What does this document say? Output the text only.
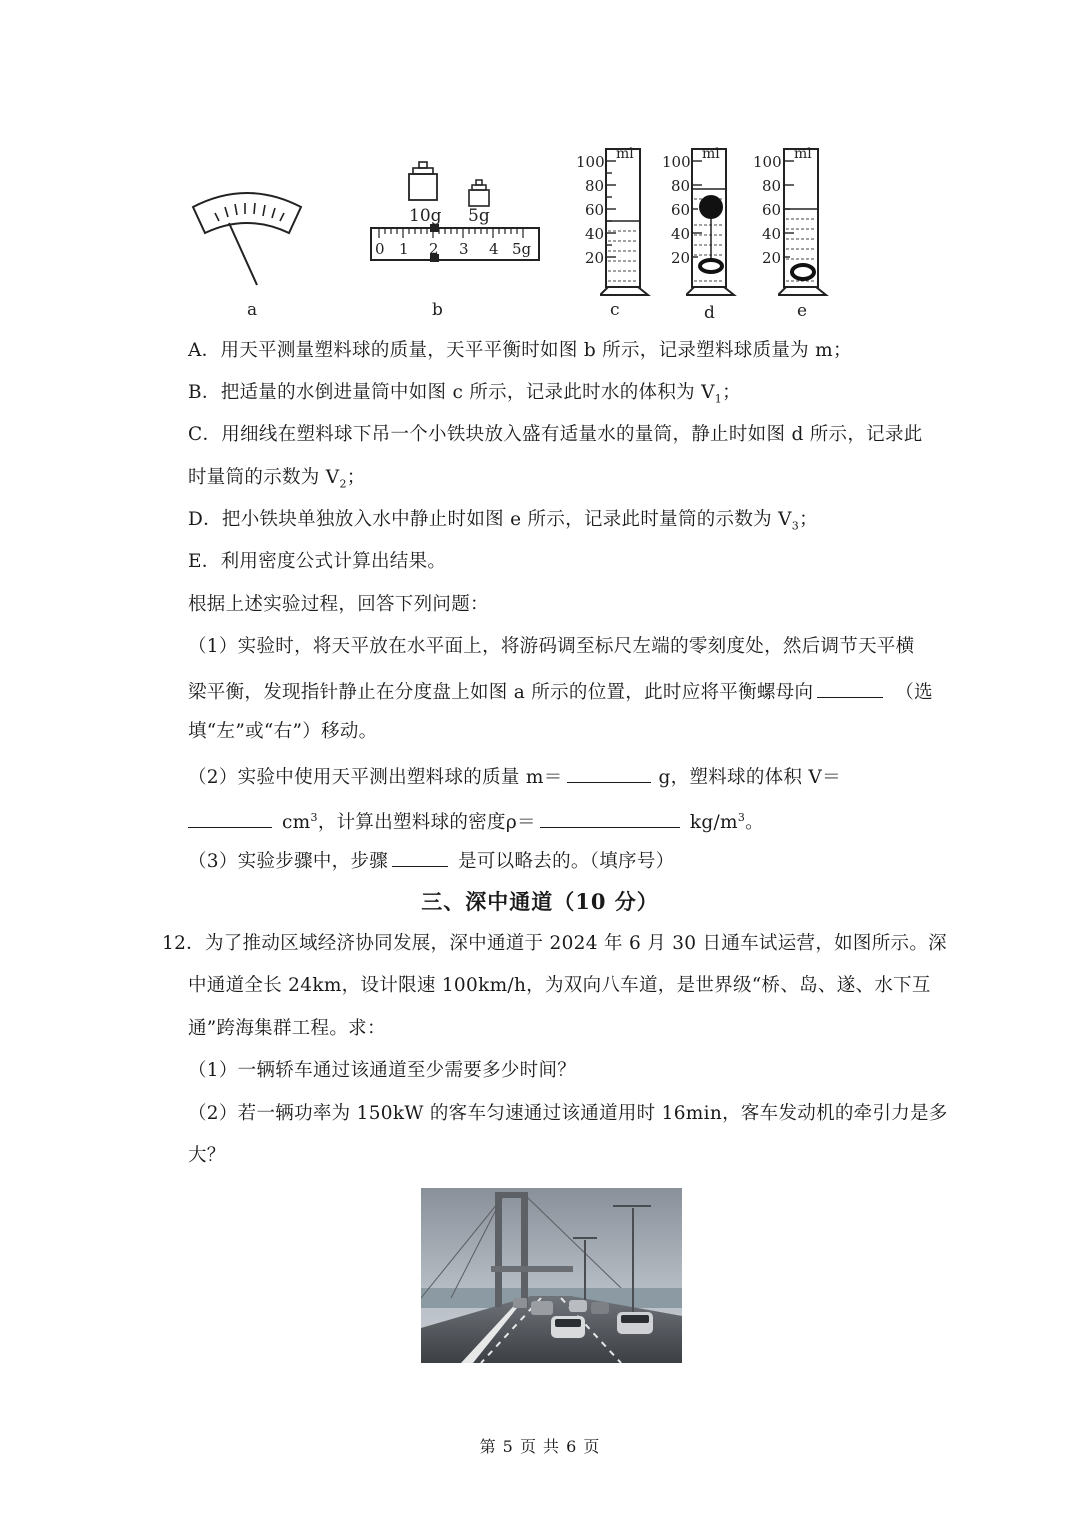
a
10g 5g
0 1 2 3 4 5g
b
ml
100
80
60
40
20
c
ml
100
80
60
40
20
d
ml
100
80
60
40
20
e
A．用天平测量塑料球的质量，天平平衡时如图 b 所示，记录塑料球质量为 m；
B．把适量的水倒进量筒中如图 c 所示，记录此时水的体积为 $V_1$；
C．用细线在塑料球下吊一个小铁块放入盛有适量水的量筒，静止时如图 d 所示，记录此
时量筒的示数为 $V_2$；
D．把小铁块单独放入水中静止时如图 e 所示，记录此时量筒的示数为 $V_3$；
E．利用密度公式计算出结果。
根据上述实验过程，回答下列问题：
（1）实验时，将天平放在水平面上，将游码调至标尺左端的零刻度处，然后调节天平横
梁平衡，发现指针静止在分度盘上如图 a 所示的位置，此时应将平衡螺母向	（选
填“左”或“右”）移动。
（2）实验中使用天平测出塑料球的质量 m＝	g，塑料球的体积 V＝
$cm^3$，计算出塑料球的密度ρ＝	$kg/m^3$。
（3）实验步骤中，步骤	是可以略去的。（填序号）
三、深中通道（10 分）
12．为了推动区域经济协同发展，深中通道于 2024 年 6 月 30 日通车试运营，如图所示。深
中通道全长 24km，设计限速 100km/h，为双向八车道，是世界级“桥、岛、遂、水下互
通”跨海集群工程。求：
（1）一辆轿车通过该通道至少需要多少时间？
（2）若一辆功率为 150kW 的客车匀速通过该通道用时 16min，客车发动机的牵引力是多
大？
第 5 页 共 6 页
